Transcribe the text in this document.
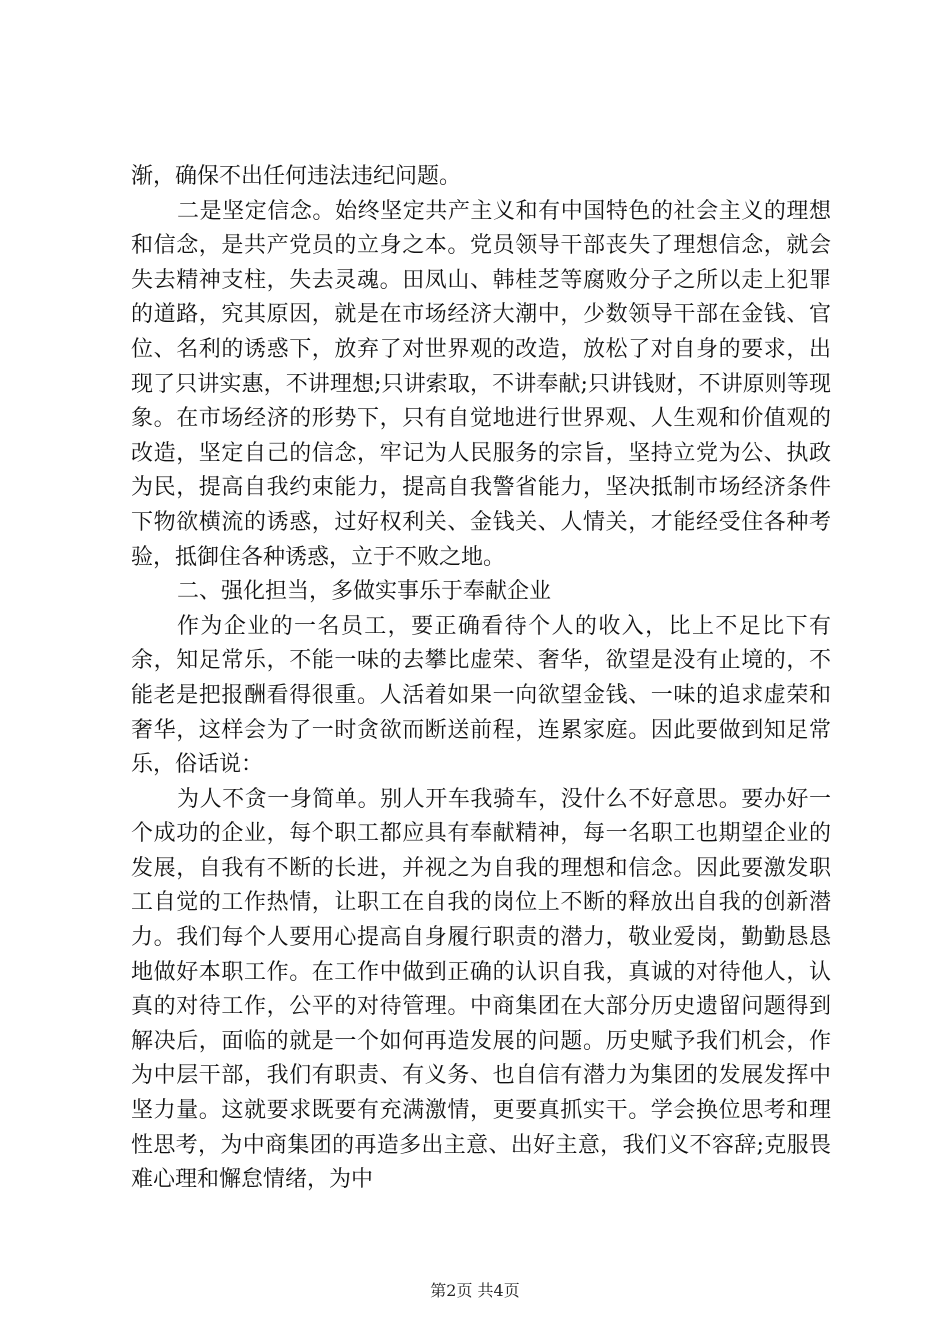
渐，确保不出任何违法违纪问题。

二是坚定信念。始终坚定共产主义和有中国特色的社会主义的理想和信念，是共产党员的立身之本。党员领导干部丧失了理想信念，就会失去精神支柱，失去灵魂。田凤山、韩桂芝等腐败分子之所以走上犯罪的道路，究其原因，就是在市场经济大潮中，少数领导干部在金钱、官位、名利的诱惑下，放弃了对世界观的改造，放松了对自身的要求，出现了只讲实惠，不讲理想;只讲索取，不讲奉献;只讲钱财，不讲原则等现象。在市场经济的形势下，只有自觉地进行世界观、人生观和价值观的改造，坚定自己的信念，牢记为人民服务的宗旨，坚持立党为公、执政为民，提高自我约束能力，提高自我警省能力，坚决抵制市场经济条件下物欲横流的诱惑，过好权利关、金钱关、人情关，才能经受住各种考验，抵御住各种诱惑，立于不败之地。

二、强化担当，多做实事乐于奉献企业

作为企业的一名员工，要正确看待个人的收入，比上不足比下有余，知足常乐，不能一味的去攀比虚荣、奢华，欲望是没有止境的，不能老是把报酬看得很重。人活着如果一向欲望金钱、一味的追求虚荣和奢华，这样会为了一时贪欲而断送前程，连累家庭。因此要做到知足常乐，俗话说：

为人不贪一身简单。别人开车我骑车，没什么不好意思。要办好一个成功的企业，每个职工都应具有奉献精神，每一名职工也期望企业的发展，自我有不断的长进，并视之为自我的理想和信念。因此要激发职工自觉的工作热情，让职工在自我的岗位上不断的释放出自我的创新潜力。我们每个人要用心提高自身履行职责的潜力，敬业爱岗，勤勤恳恳地做好本职工作。在工作中做到正确的认识自我，真诚的对待他人，认真的对待工作，公平的对待管理。中商集团在大部分历史遗留问题得到解决后，面临的就是一个如何再造发展的问题。历史赋予我们机会，作为中层干部，我们有职责、有义务、也自信有潜力为集团的发展发挥中坚力量。这就要求既要有充满激情，更要真抓实干。学会换位思考和理性思考，为中商集团的再造多出主意、出好主意，我们义不容辞;克服畏难心理和懈怠情绪，为中

第2页 共4页
